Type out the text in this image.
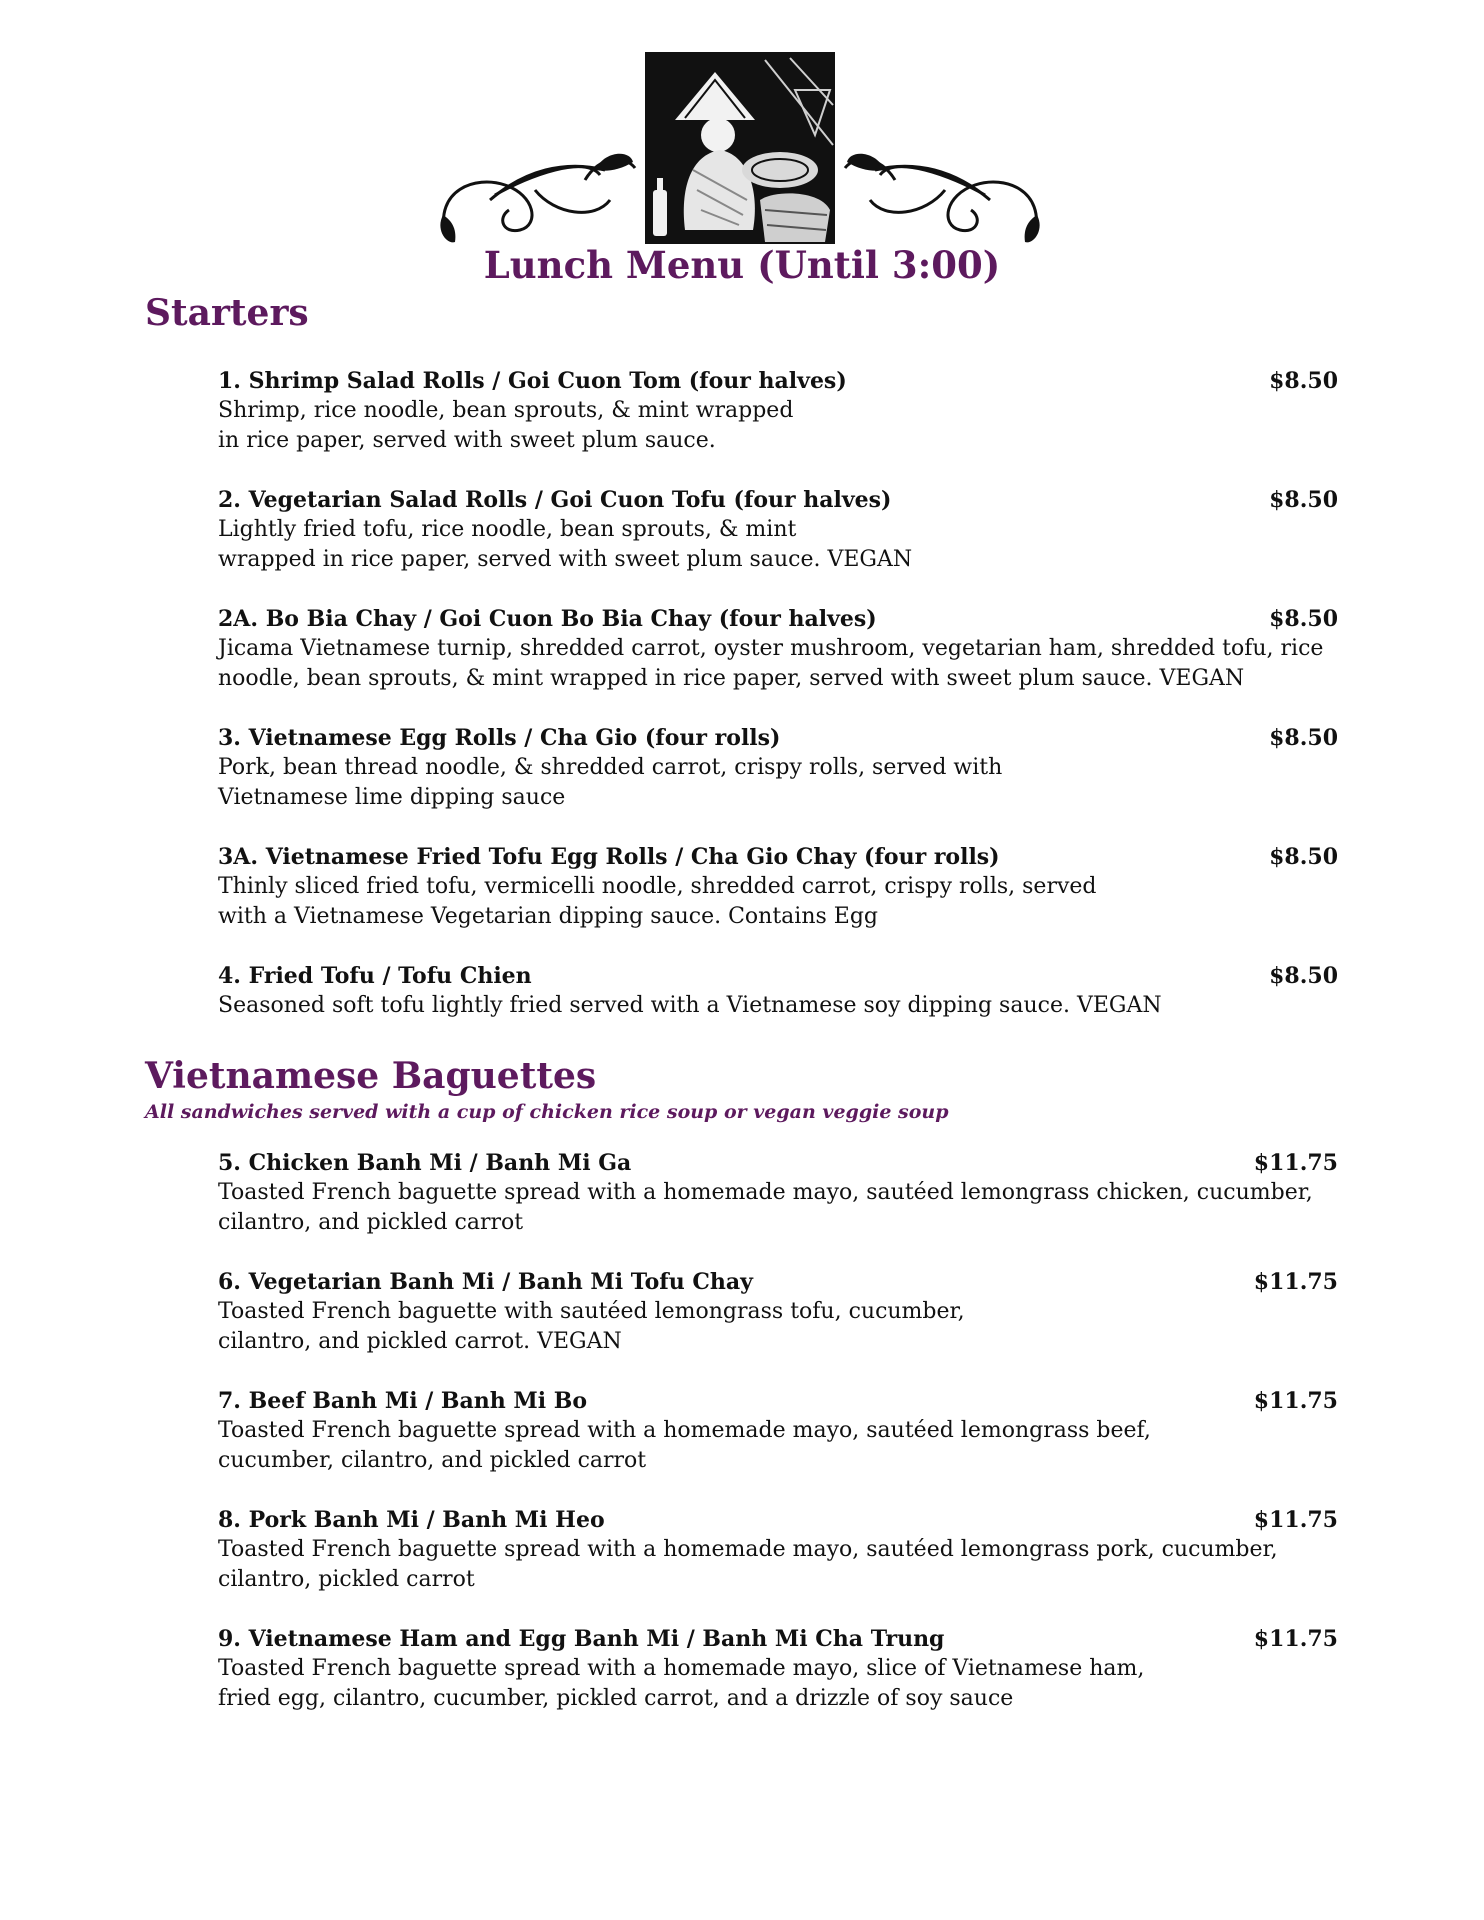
Lunch Menu (Until 3:00)
Starters
1. Shrimp Salad Rolls / Goi Cuon Tom (four halves)	$8.50
Shrimp, rice noodle, bean sprouts, & mint wrapped
in rice paper, served with sweet plum sauce.
2. Vegetarian Salad Rolls / Goi Cuon Tofu (four halves)	$8.50
Lightly fried tofu, rice noodle, bean sprouts, & mint
wrapped in rice paper, served with sweet plum sauce. VEGAN
2A. Bo Bia Chay / Goi Cuon Bo Bia Chay (four halves)	$8.50
Jicama Vietnamese turnip, shredded carrot, oyster mushroom, vegetarian ham, shredded tofu, rice
noodle, bean sprouts, & mint wrapped in rice paper, served with sweet plum sauce. VEGAN
3. Vietnamese Egg Rolls / Cha Gio (four rolls)	$8.50
Pork, bean thread noodle, & shredded carrot, crispy rolls, served with
Vietnamese lime dipping sauce
3A. Vietnamese Fried Tofu Egg Rolls / Cha Gio Chay (four rolls)	$8.50
Thinly sliced fried tofu, vermicelli noodle, shredded carrot, crispy rolls, served
with a Vietnamese Vegetarian dipping sauce. Contains Egg
4. Fried Tofu / Tofu Chien	$8.50
Seasoned soft tofu lightly fried served with a Vietnamese soy dipping sauce. VEGAN
Vietnamese Baguettes

All sandwiches served with a cup of chicken rice soup or vegan veggie soup

5. Chicken Banh Mi / Banh Mi Ga	$11.75
Toasted French baguette spread with a homemade mayo, sautéed lemongrass chicken, cucumber,
cilantro, and pickled carrot
6. Vegetarian Banh Mi / Banh Mi Tofu Chay	$11.75
Toasted French baguette with sautéed lemongrass tofu, cucumber,
cilantro, and pickled carrot. VEGAN
7. Beef Banh Mi / Banh Mi Bo	$11.75
Toasted French baguette spread with a homemade mayo, sautéed lemongrass beef,
cucumber, cilantro, and pickled carrot
8. Pork Banh Mi / Banh Mi Heo	$11.75
Toasted French baguette spread with a homemade mayo, sautéed lemongrass pork, cucumber,
cilantro, pickled carrot
9. Vietnamese Ham and Egg Banh Mi / Banh Mi Cha Trung	$11.75
Toasted French baguette spread with a homemade mayo, slice of Vietnamese ham,
fried egg, cilantro, cucumber, pickled carrot, and a drizzle of soy sauce
